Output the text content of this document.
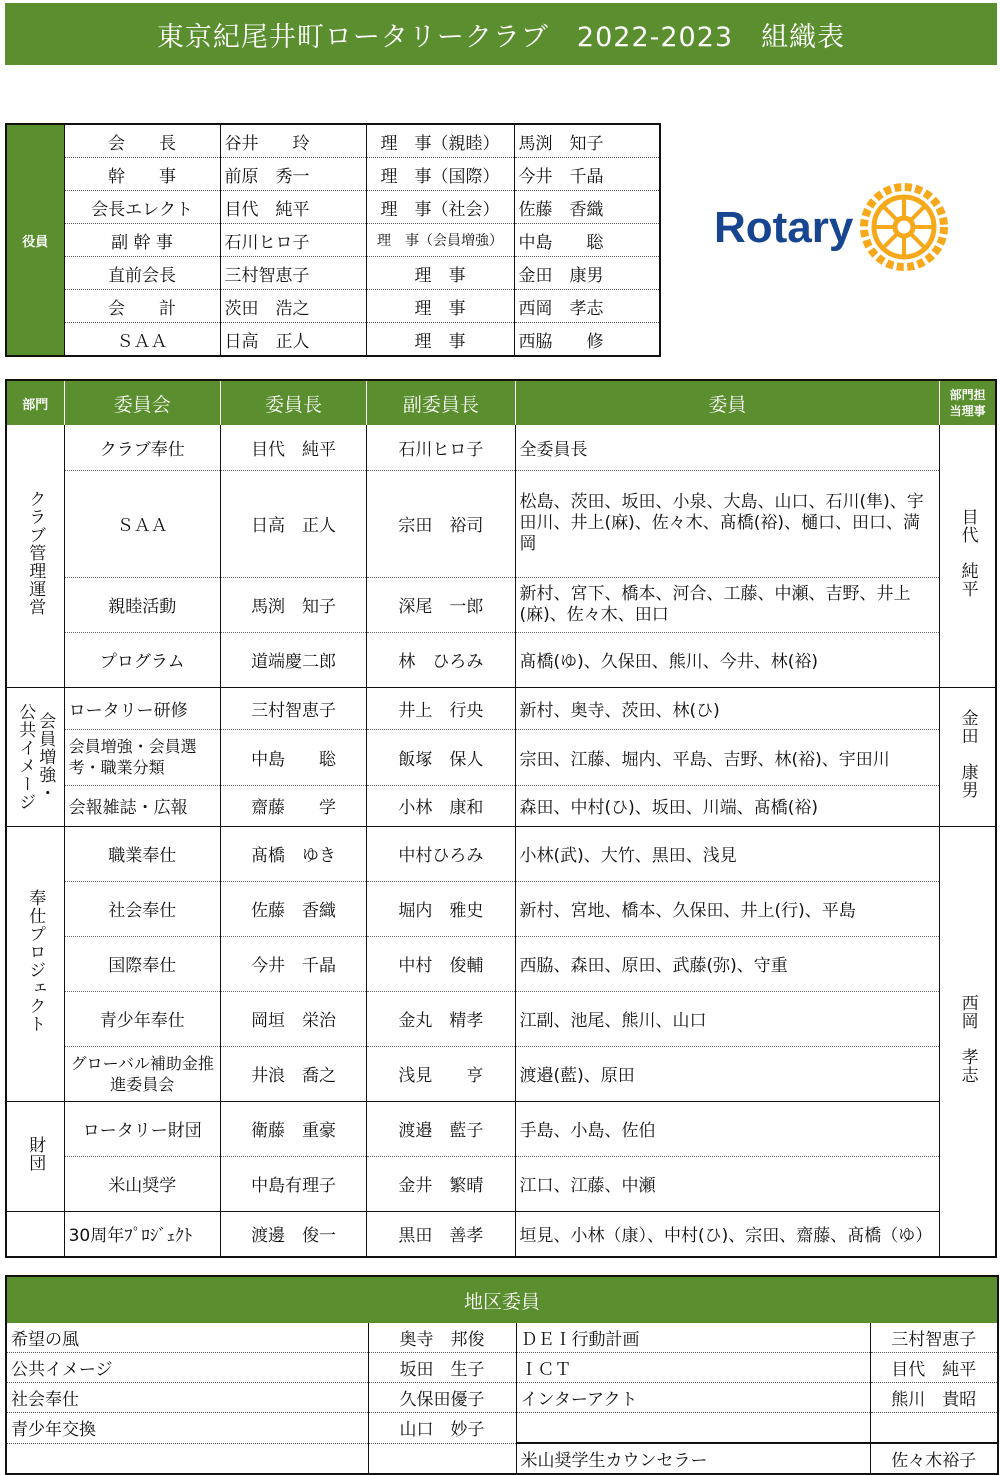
東京紀尾井町ロータリークラブ　2022-2023　組織表
役員	会　　長	谷井　　玲	理　事（親睦）	馬渕　知子
	幹　　事	前原　秀一	理　事（国際）	今井　千晶
	会長エレクト	目代　純平	理　事（社会）	佐藤　香織
	副 幹 事	石川ヒロ子	理　事（会員増強）	中島　　聡
	直前会長	三村智恵子	理　事	金田　康男
	会　　計	茨田　浩之	理　事	西岡　孝志
	ＳＡＡ	日高　正人	理　事	西脇　　修
Rotary
部門	委員会	委員長	副委員長	委員	部門担当理事
クラブ管理運営	クラブ奉仕	目代　純平	石川ヒロ子	全委員長	目代　純平
	ＳＡＡ	日高　正人	宗田　裕司	松島、茨田、坂田、小泉、大島、山口、石川(隼)、宇田川、井上(麻)、佐々木、髙橋(裕)、樋口、田口、満岡	
	親睦活動	馬渕　知子	深尾　一郎	新村、宮下、橋本、河合、工藤、中瀬、吉野、井上(麻)、佐々木、田口	
	プログラム	道端慶二郎	林　ひろみ	髙橋(ゆ)、久保田、熊川、今井、林(裕)	

会員増強・
公共イメージ	ロータリー研修	三村智恵子	井上　行央	新村、奥寺、茨田、林(ひ)	金田　康男
	会員増強・会員選考・職業分類	中島　　聡	飯塚　保人	宗田、江藤、堀内、平島、吉野、林(裕)、宇田川	
	会報雑誌・広報	齋藤　　学	小林　康和	森田、中村(ひ)、坂田、川端、髙橋(裕)	
奉仕プロジェクト	職業奉仕	髙橋　ゆき	中村ひろみ	小林(武)、大竹、黒田、浅見	西岡　孝志
	社会奉仕	佐藤　香織	堀内　雅史	新村、宮地、橋本、久保田、井上(行)、平島	
	国際奉仕	今井　千晶	中村　俊輔	西脇、森田、原田、武藤(弥)、守重	
	青少年奉仕	岡垣　栄治	金丸　精孝	江副、池尾、熊川、山口	
	グローバル補助金推進委員会	井浪　喬之	浅見　　亨	渡邉(藍)、原田	
財団	ロータリー財団	衛藤　重豪	渡邉　藍子	手島、小島、佐伯	
	米山奨学	中島有理子	金井　繁晴	江口、江藤、中瀬	
	30周年ﾌﾟﾛｼﾞｪｸﾄ	渡邊　俊一	黒田　善孝	垣見、小林（康）、中村(ひ)、宗田、齋藤、髙橋（ゆ）	
地区委員			
希望の風	奥寺　邦俊	ＤＥＩ行動計画	三村智恵子
公共イメージ	坂田　生子	ＩＣＴ	目代　純平
社会奉仕	久保田優子	インターアクト	熊川　貴昭
青少年交換	山口　妙子		
		米山奨学生カウンセラー	佐々木裕子
